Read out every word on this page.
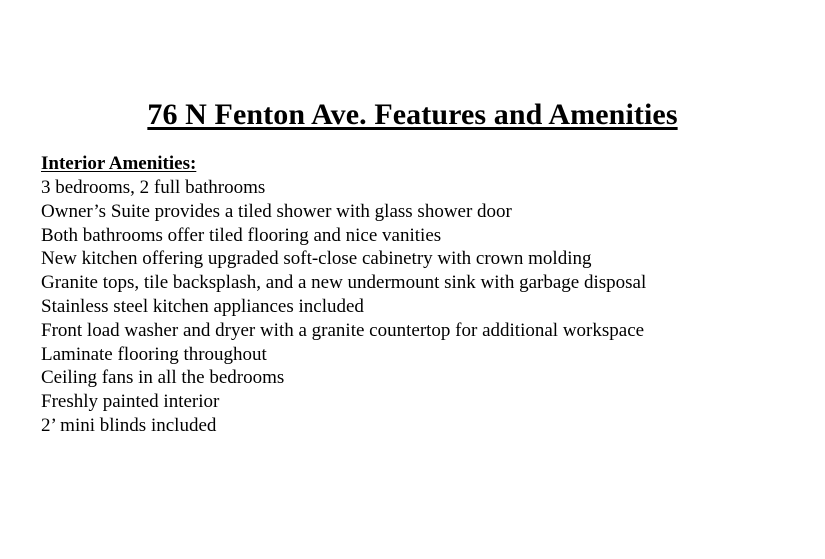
76 N Fenton Ave. Features and Amenities
Interior Amenities:
3 bedrooms, 2 full bathrooms
Owner’s Suite provides a tiled shower with glass shower door
Both bathrooms offer tiled flooring and nice vanities
New kitchen offering upgraded soft-close cabinetry with crown molding
Granite tops, tile backsplash, and a new undermount sink with garbage disposal
Stainless steel kitchen appliances included
Front load washer and dryer with a granite countertop for additional workspace
Laminate flooring throughout
Ceiling fans in all the bedrooms
Freshly painted interior
2’ mini blinds included
